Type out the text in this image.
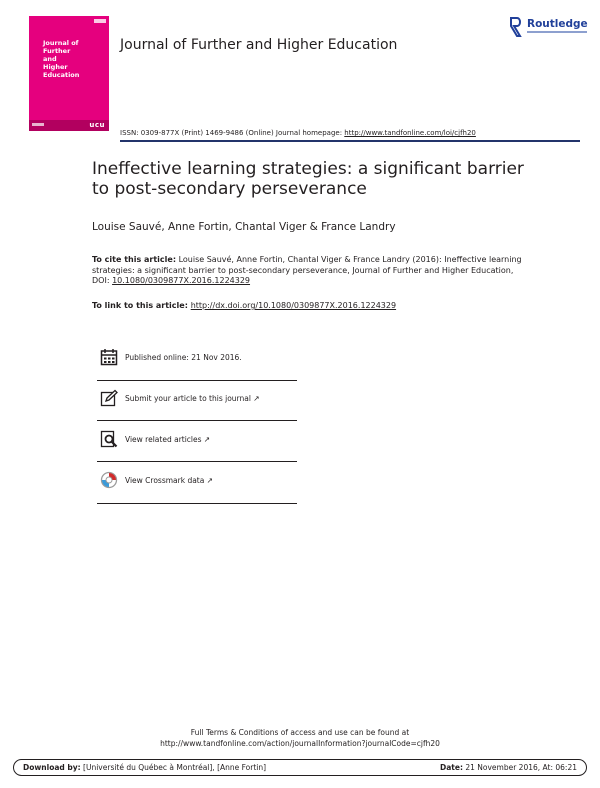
Journal of
Further
and
Higher
Education
ucu
Journal of Further and Higher Education
Routledge
ISSN: 0309-877X (Print) 1469-9486 (Online) Journal homepage: http://www.tandfonline.com/loi/cjfh20
Ineffective learning strategies: a significant barrier to post-secondary perseverance
Louise Sauvé, Anne Fortin, Chantal Viger & France Landry
To cite this article: Louise Sauvé, Anne Fortin, Chantal Viger & France Landry (2016): Ineffective learning strategies: a significant barrier to post-secondary perseverance, Journal of Further and Higher Education, DOI: 10.1080/0309877X.2016.1224329
To link to this article: http://dx.doi.org/10.1080/0309877X.2016.1224329
Published online: 21 Nov 2016.
Submit your article to this journal ↗
View related articles ↗
View Crossmark data ↗
Full Terms & Conditions of access and use can be found at
http://www.tandfonline.com/action/journalInformation?journalCode=cjfh20
Download by: [Université du Québec à Montréal], [Anne Fortin]	Date: 21 November 2016, At: 06:21
